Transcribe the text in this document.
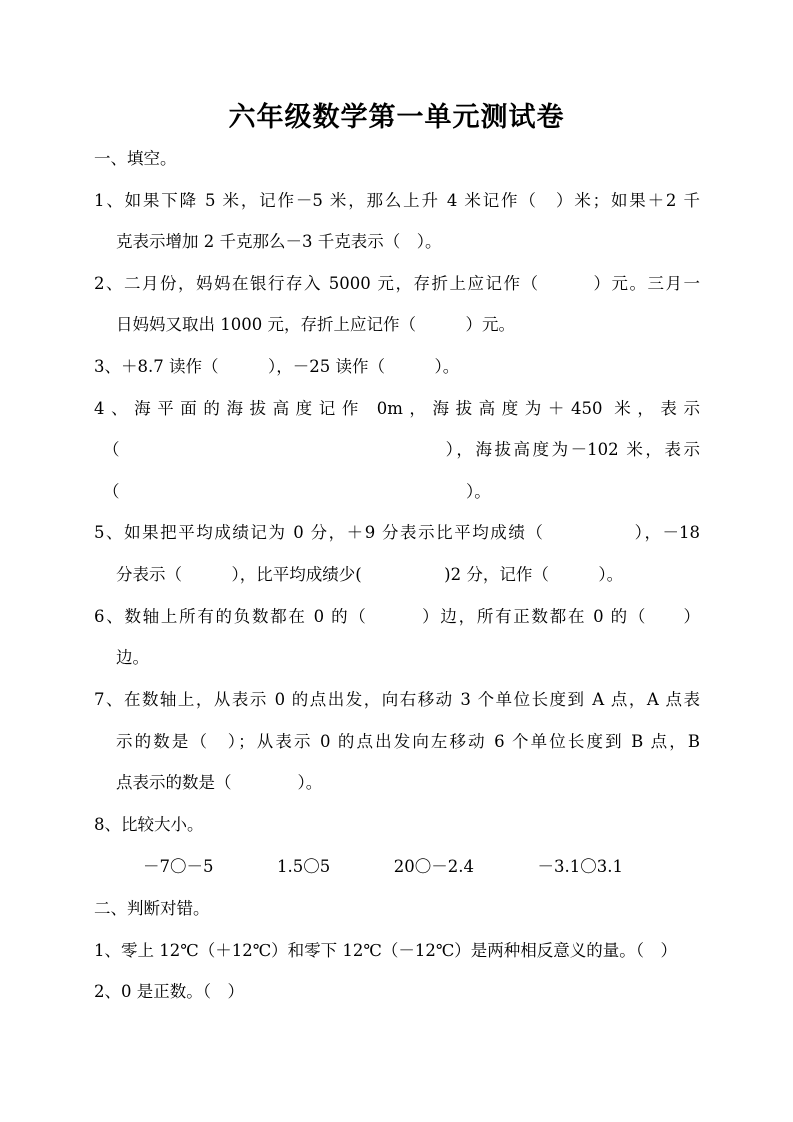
六年级数学第一单元测试卷
一、填空。
1、如果下降 5 米，记作－5 米，那么上升 4 米记作（　）米；如果＋2 千
克表示增加 2 千克那么－3 千克表示（　）。
2、二月份，妈妈在银行存入 5000 元，存折上应记作（　　　）元。三月一
日妈妈又取出 1000 元，存折上应记作（　　　）元。
3、＋8.7 读作（　　　），－25 读作（　　　）。
4、海平面的海拔高度记作 0m，海拔高度为＋450 米，表示
（　　　　　　　　　　　　　　　　　），海拔高度为－102 米，表示
（　　　　　　　　　　　　　　　　　　　　　）。
5、如果把平均成绩记为 0 分，＋9 分表示比平均成绩（　　　　　），－18
分表示（　　　），比平均成绩少(　　　　　)2 分，记作（　　　）。
6、数轴上所有的负数都在 0 的（　　　）边，所有正数都在 0 的（　　）
边。
7、在数轴上，从表示 0 的点出发，向右移动 3 个单位长度到 A 点，A 点表
示的数是（　）；从表示 0 的点出发向左移动 6 个单位长度到 B 点，B
点表示的数是（　　　　）。
8、比较大小。
－7〇－5	1.5〇5	20〇－2.4	－3.1〇3.1
二、判断对错。
1、零上 12℃（＋12℃）和零下 12℃（－12℃）是两种相反意义的量。（　）
2、0 是正数。（　）
